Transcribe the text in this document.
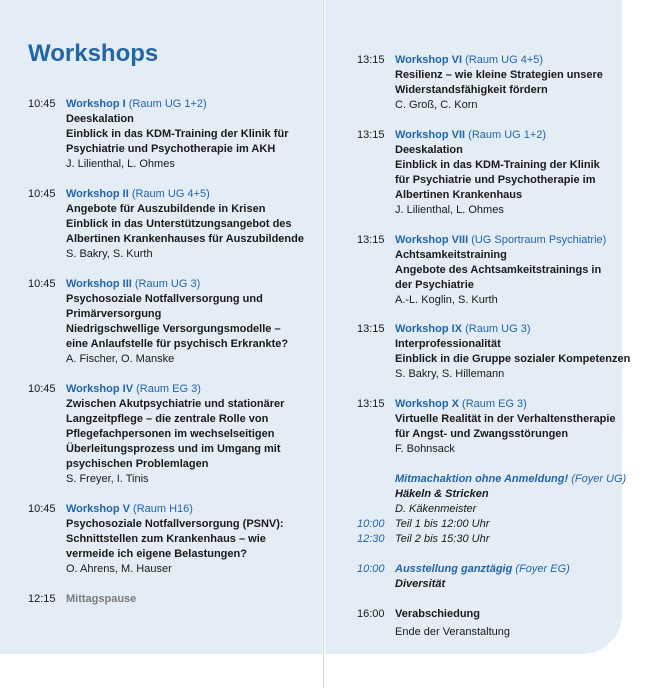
Workshops
10:45 Workshop I (Raum UG 1+2)
Deeskalation
Einblick in das KDM-Training der Klinik für
Psychiatrie und Psychotherapie im AKH
J. Lilienthal, L. Ohmes
10:45 Workshop II (Raum UG 4+5)
Angebote für Auszubildende in Krisen
Einblick in das Unterstützungsangebot des
Albertinen Krankenhauses für Auszubildende
S. Bakry, S. Kurth
10:45 Workshop III (Raum UG 3)
Psychosoziale Notfallversorgung und
Primärversorgung
Niedrigschwellige Versorgungsmodelle –
eine Anlaufstelle für psychisch Erkrankte?
A. Fischer, O. Manske
10:45 Workshop IV (Raum EG 3)
Zwischen Akutpsychiatrie und stationärer
Langzeitpflege – die zentrale Rolle von
Pflegefachpersonen im wechselseitigen
Überleitungsprozess und im Umgang mit
psychischen Problemlagen
S. Freyer, I. Tinis
10:45 Workshop V (Raum H16)
Psychosoziale Notfallversorgung (PSNV):
Schnittstellen zum Krankenhaus – wie
vermeide ich eigene Belastungen?
O. Ahrens, M. Hauser
13:15 Workshop VI (Raum UG 4+5)
Resilienz – wie kleine Strategien unsere
Widerstandsfähigkeit fördern
C. Groß, C. Korn
13:15 Workshop VII (Raum UG 1+2)
Deeskalation
Einblick in das KDM-Training der Klinik
für Psychiatrie und Psychotherapie im
Albertinen Krankenhaus
J. Lilienthal, L. Ohmes
13:15 Workshop VIII (UG Sportraum Psychiatrie)
Achtsamkeitstraining
Angebote des Achtsamkeitstrainings in
der Psychiatrie
A.-L. Koglin, S. Kurth
13:15 Workshop IX (Raum UG 3)
Interprofessionalität
Einblick in die Gruppe sozialer Kompetenzen
S. Bakry, S. Hillemann
13:15 Workshop X (Raum EG 3)
Virtuelle Realität in der Verhaltenstherapie
für Angst- und Zwangsstörungen
F. Bohnsack
12:15 Mittagspause
Mitmachaktion ohne Anmeldung! (Foyer UG)
Häkeln & Stricken
D. Käkenmeister
10:00 Teil 1 bis 12:00 Uhr
12:30 Teil 2 bis 15:30 Uhr
10:00 Ausstellung ganztägig (Foyer EG)
Diversität
16:00 Verabschiedung
Ende der Veranstaltung
